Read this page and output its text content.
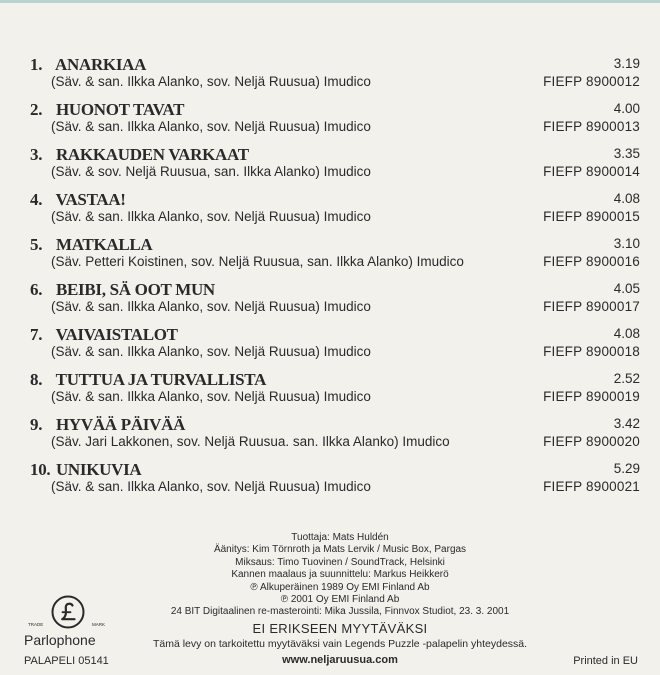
1. ANARKIAA
(Säv. & san. Ilkka Alanko, sov. Neljä Ruusua) Imudico
3.19
FIEFP 8900012
2. HUONOT TAVAT
(Säv. & san. Ilkka Alanko, sov. Neljä Ruusua) Imudico
4.00
FIEFP 8900013
3. RAKKAUDEN VARKAAT
(Säv. & sov. Neljä Ruusua, san. Ilkka Alanko) Imudico
3.35
FIEFP 8900014
4. VASTAA!
(Säv. & san. Ilkka Alanko, sov. Neljä Ruusua) Imudico
4.08
FIEFP 8900015
5. MATKALLA
(Säv. Petteri Koistinen, sov. Neljä Ruusua, san. Ilkka Alanko) Imudico
3.10
FIEFP 8900016
6. BEIBI, SÄ OOT MUN
(Säv. & san. Ilkka Alanko, sov. Neljä Ruusua) Imudico
4.05
FIEFP 8900017
7. VAIVAISTALOT
(Säv. & san. Ilkka Alanko, sov. Neljä Ruusua) Imudico
4.08
FIEFP 8900018
8. TUTTUA JA TURVALLISTA
(Säv. & san. Ilkka Alanko, sov. Neljä Ruusua) Imudico
2.52
FIEFP 8900019
9. HYVÄÄ PÄIVÄÄ
(Säv. Jari Lakkonen, sov. Neljä Ruusua. san. Ilkka Alanko) Imudico
3.42
FIEFP 8900020
10. UNIKUVIA
(Säv. & san. Ilkka Alanko, sov. Neljä Ruusua) Imudico
5.29
FIEFP 8900021
Tuottaja: Mats Huldén
Äänitys: Kim Törnroth ja Mats Lervik / Music Box, Pargas
Miksaus: Timo Tuovinen / SoundTrack, Helsinki
Kannen maalaus ja suunnittelu: Markus Heikkerö
℗ Alkuperäinen 1989 Oy EMI Finland Ab
℗ 2001 Oy EMI Finland Ab
24 BIT Digitaalinen re-masterointi: Mika Jussila, Finnvox Studiot, 23. 3. 2001
EI ERIKSEEN MYYTÄVÄKSI
Tämä levy on tarkoitettu myytäväksi vain Legends Puzzle -palapelin yhteydessä.
www.neljaruusua.com
TRADE	MARK
Parlophone
PALAPELI 05141	Printed in EU
